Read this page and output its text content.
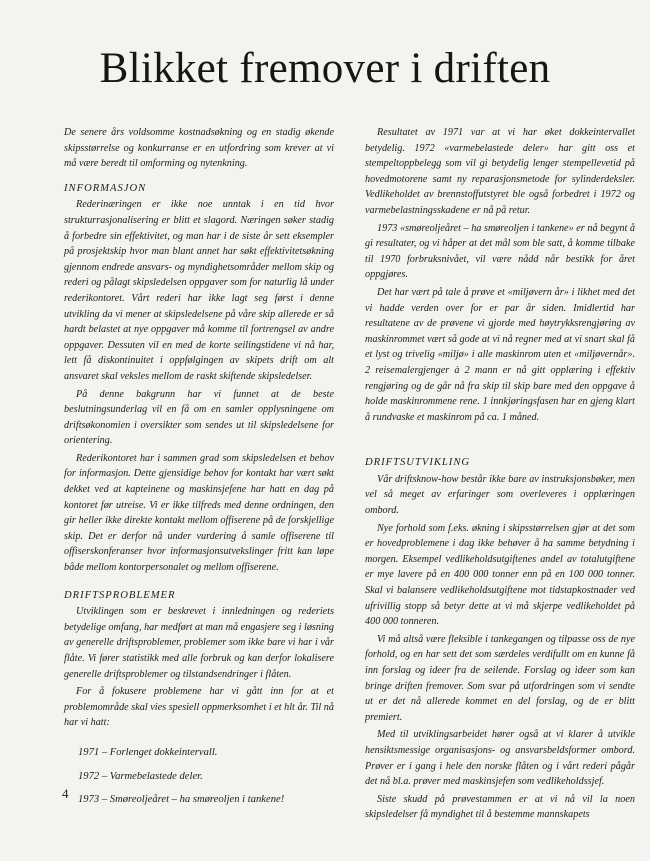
Blikket fremover i driften

De senere års voldsomme kostnadsøkning og en stadig økende skipsstørrelse og konkurranse er en utfordring som krever at vi må være beredt til omforming og nytenkning.

INFORMASJON

Rederinæringen er ikke noe unntak i en tid hvor strukturrasjonalisering er blitt et slagord. Næringen søker stadig å forbedre sin effektivitet, og man har i de siste år sett eksempler på prosjektskip hvor man blant annet har søkt effektivitetsøkning gjennom endrede ansvars- og myndighetsområder mellom skip og rederi og pålagt skipsledelsen oppgaver som for naturlig lå under rederikontoret. Vårt rederi har ikke lagt seg først i denne utvikling da vi mener at skipsledelsene på våre skip allerede er så hardt belastet at nye oppgaver må komme til fortrengsel av andre oppgaver. Dessuten vil en med de korte seilingstidene vi nå har, lett få diskontinuitet i oppfølgingen av skipets drift om alt ansvaret skal veksles mellom de raskt skiftende skipsledelser.

På denne bakgrunn har vi funnet at de beste beslutningsunderlag vil en få om en samler opplysningene om driftsøkonomien i oversikter som sendes ut til skipsledelsene for orientering.

Rederikontoret har i sammen grad som skipsledelsen et behov for informasjon. Dette gjensidige behov for kontakt har vært søkt dekket ved at kapteinene og maskinsjefene har hatt en dag på kontoret før utreise. Vi er ikke tilfreds med denne ordningen, den gir heller ikke direkte kontakt mellom offiserene på de forskjellige skip. Det er derfor nå under vurdering å samle offiserene til offiserskonferanser hvor informasjonsutvekslinger fritt kan løpe både mellom kontorpersonalet og mellom offiserene.

DRIFTSPROBLEMER

Utviklingen som er beskrevet i innledningen og rederiets betydelige omfang, har medført at man må engasjere seg i løsning av generelle driftsproblemer, problemer som ikke bare vi har i vår flåte. Vi fører statistikk med alle forbruk og kan derfor lokalisere generelle driftsproblemer og tilstandsendringer i flåten.

For å fokusere problemene har vi gått inn for at et problemområde skal vies spesiell oppmerksomhet i et hlt år. Til nå har vi hatt:

1971 – Forlenget dokkeintervall.
1972 – Varmebelastede deler.
1973 – Smøreoljeåret – ha smøreoljen i tankene!

Resultatet av 1971 var at vi har øket dokkeintervallet betydelig. 1972 «varmebelastede deler» har gitt oss et stempeltoppbelegg som vil gi betydelig lenger stempellevetid på hovedmotorene samt ny reparasjonsmetode for sylinderdeksler. Vedlikeholdet av brennstoffutstyret ble også forbedret i 1972 og varmebelastningsskadene er nå på retur.

1973 «smøreoljeåret – ha smøreoljen i tankene» er nå begynt å gi resultater, og vi håper at det mål som ble satt, å komme tilbake til 1970 forbruksnivået, vil være nådd når bestikk for året oppgjøres.

Det har vært på tale å prøve et «miljøvern år» i likhet med det vi hadde verden over for er par år siden. Imidlertid har resultatene av de prøvene vi gjorde med høytrykksrengjøring av maskinrommet vært så gode at vi nå regner med at vi snart skal få et lyst og trivelig «miljø» i alle maskinrom uten et «miljøvernår». 2 reisemalergjenger à 2 mann er nå gitt opplæring i effektiv rengjøring og de går nå fra skip til skip bare med den oppgave å holde maskinrommene rene. 1 innkjøringsfasen har en gjeng klart å rundvaske et maskinrom på ca. 1 måned.

DRIFTSUTVIKLING

Vår driftsknow-how består ikke bare av instruksjonsbøker, men vel så meget av erfaringer som overleveres i opplæringen ombord.

Nye forhold som f.eks. økning i skipsstørrelsen gjør at det som er hovedproblemene i dag ikke behøver å ha samme betydning i morgen. Eksempel vedlikeholdsutgiftenes andel av totalutgiftene er mye lavere på en 400 000 tonner enn på en 100 000 tonner. Skal vi balansere vedlikeholdsutgiftene mot tidstapkostnader ved ufrivillig stopp så betyr dette at vi må skjerpe vedlikeholdet på 400 000 tonneren.

Vi må altså være fleksible i tankegangen og tilpasse oss de nye forhold, og en har sett det som særdeles verdifullt om en kunne få inn forslag og ideer fra de seilende. Forslag og ideer som kan bringe driften fremover. Som svar på utfordringen som vi sendte ut er det nå allerede kommet en del forslag, og de er blitt premiert.

Med til utviklingsarbeidet hører også at vi klarer å utvikle hensiktsmessige organisasjons- og ansvarsbeldsformer ombord. Prøver er i gang i hele den norske flåten og i vårt rederi pågår det nå bl.a. prøver med maskinsjefen som vedlikeholdssjef.

Siste skudd på prøvestammen er at vi nå vil la noen skipsledelser få myndighet til å bestemme mannskapets

4
